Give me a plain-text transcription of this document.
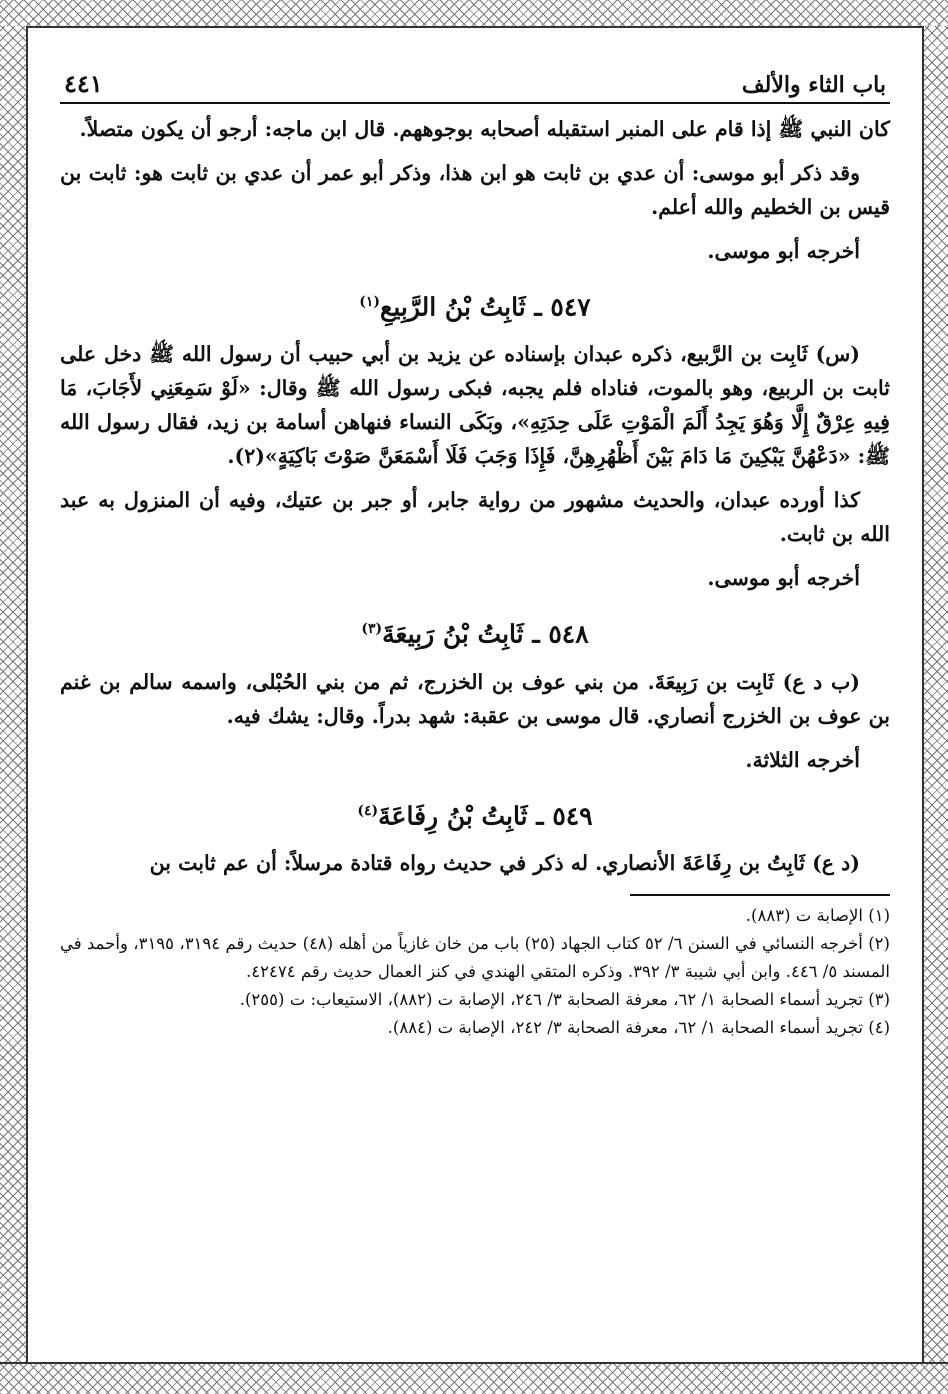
باب الثاء والألف
٤٤١

كان النبي ﷺ إذا قام على المنبر استقبله أصحابه بوجوههم. قال ابن ماجه: أرجو أن يكون متصلاً.

وقد ذكر أبو موسى: أن عدي بن ثابت هو ابن هذا، وذكر أبو عمر أن عدي بن ثابت هو: ثابت بن قيس بن الخطيم والله أعلم.

أخرجه أبو موسى.

٥٤٧ ـ ثَابِتُ بْنُ الرَّبِيعِ$^{(١)}$

(س) ثَابِت بن الرَّبيع، ذكره عبدان بإسناده عن يزيد بن أبي حبيب أن رسول الله ﷺ دخل على ثابت بن الربيع، وهو بالموت، فناداه فلم يجبه، فبكى رسول الله ﷺ وقال: «لَوْ سَمِعَنِي لأَجَابَ، مَا فِيهِ عِرْقٌ إِلَّا وَهُوَ يَجِدُ أَلَمَ الْمَوْتِ عَلَى حِدَتِهِ»، وبَكَى النساء فنهاهن أسامة بن زيد، فقال رسول الله ﷺ: «دَعْهُنَّ يَبْكِينَ مَا دَامَ بَيْنَ أَظْهُرِهِنَّ، فَإِذَا وَجَبَ فَلَا أَسْمَعَنَّ صَوْتَ بَاكِيَةٍ»(٢).

كذا أورده عبدان، والحديث مشهور من رواية جابر، أو جبر بن عتيك، وفيه أن المنزول به عبد الله بن ثابت.

أخرجه أبو موسى.

٥٤٨ ـ ثَابِتُ بْنُ رَبِيعَةَ$^{(٣)}$

(ب د ع) ثَابِت بن رَبِيعَةَ. من بني عوف بن الخزرج، ثم من بني الحُبْلى، واسمه سالم بن غنم بن عوف بن الخزرج أنصاري. قال موسى بن عقبة: شهد بدراً. وقال: يشك فيه.

أخرجه الثلاثة.

٥٤٩ ـ ثَابِتُ بْنُ رِفَاعَةَ$^{(٤)}$

(د ع) ثَابِتُ بن رِفَاعَةَ الأنصاري. له ذكر في حديث رواه قتادة مرسلاً: أن عم ثابت بن

(١) الإصابة ت (٨٨٣).
(٢) أخرجه النسائي في السنن ٦/ ٥٢ كتاب الجهاد (٢٥) باب من خان غازياً من أهله (٤٨) حديث رقم ٣١٩٤، ٣١٩٥، وأحمد في المسند ٥/ ٤٤٦. وابن أبي شيبة ٣/ ٣٩٢. وذكره المتقي الهندي في كنز العمال حديث رقم ٤٢٤٧٤.
(٣) تجريد أسماء الصحابة ١/ ٦٢، معرفة الصحابة ٣/ ٢٤٦، الإصابة ت (٨٨٢)، الاستيعاب: ت (٢٥٥).
(٤) تجريد أسماء الصحابة ١/ ٦٢، معرفة الصحابة ٣/ ٢٤٢، الإصابة ت (٨٨٤).
